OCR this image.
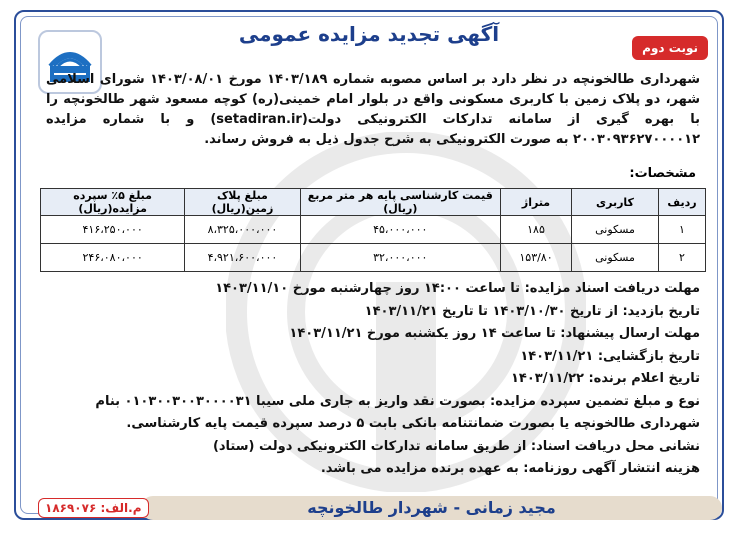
آگهی تجدید مزایده عمومی
نوبت دوم
شهرداری طالخونچه در نظر دارد بر اساس مصوبه شماره ۱۴۰۳/۱۸۹ مورخ ۱۴۰۳/۰۸/۰۱ شورای اسلامی شهر، دو پلاک زمین با کاربری مسکونی واقع در بلوار امام خمینی(ره) کوچه مسعود شهر طالخونچه را با بهره گیری از سامانه تدارکات الکترونیکی دولت(setadiran.ir) و با شماره مزایده ۲۰۰۳۰۹۳۶۲۷۰۰۰۰۱۲ به صورت الکترونیکی به شرح جدول ذیل به فروش رساند.
مشخصات:
ردیف	کاربری	متراژ	قیمت کارشناسی پایه هر متر مربع (ریال)	مبلغ پلاک زمین(ریال)	مبلغ ۵٪ سپرده مزایده(ریال)
۱	مسکونی	۱۸۵	۴۵،۰۰۰،۰۰۰	۸،۳۲۵،۰۰۰،۰۰۰	۴۱۶،۲۵۰،۰۰۰
۲	مسکونی	۱۵۳/۸۰	۳۲،۰۰۰،۰۰۰	۴،۹۲۱،۶۰۰،۰۰۰	۲۴۶،۰۸۰،۰۰۰
مهلت دریافت اسناد مزایده: تا ساعت ۱۴:۰۰ روز چهارشنبه مورخ ۱۴۰۳/۱۱/۱۰
تاریخ بازدید: از تاریخ ۱۴۰۳/۱۰/۳۰ تا تاریخ ۱۴۰۳/۱۱/۲۱
مهلت ارسال پیشنهاد: تا ساعت ۱۴ روز یکشنبه مورخ ۱۴۰۳/۱۱/۲۱
تاریخ بازگشایی: ۱۴۰۳/۱۱/۲۱
تاریخ اعلام برنده: ۱۴۰۳/۱۱/۲۲
نوع و مبلغ تضمین سپرده مزایده: بصورت نقد واریز به جاری ملی سیبا ۰۱۰۳۰۰۳۰۰۳۰۰۰۰۳۱ بنام شهرداری طالخونچه یا بصورت ضمانتنامه بانکی بابت ۵ درصد سپرده قیمت پایه کارشناسی.
نشانی محل دریافت اسناد: از طریق سامانه تدارکات الکترونیکی دولت (ستاد)
هزینه انتشار آگهی روزنامه: به عهده برنده مزایده می باشد.
مجید زمانی - شهردار طالخونچه
م.الف: ۱۸۶۹۰۷۶
